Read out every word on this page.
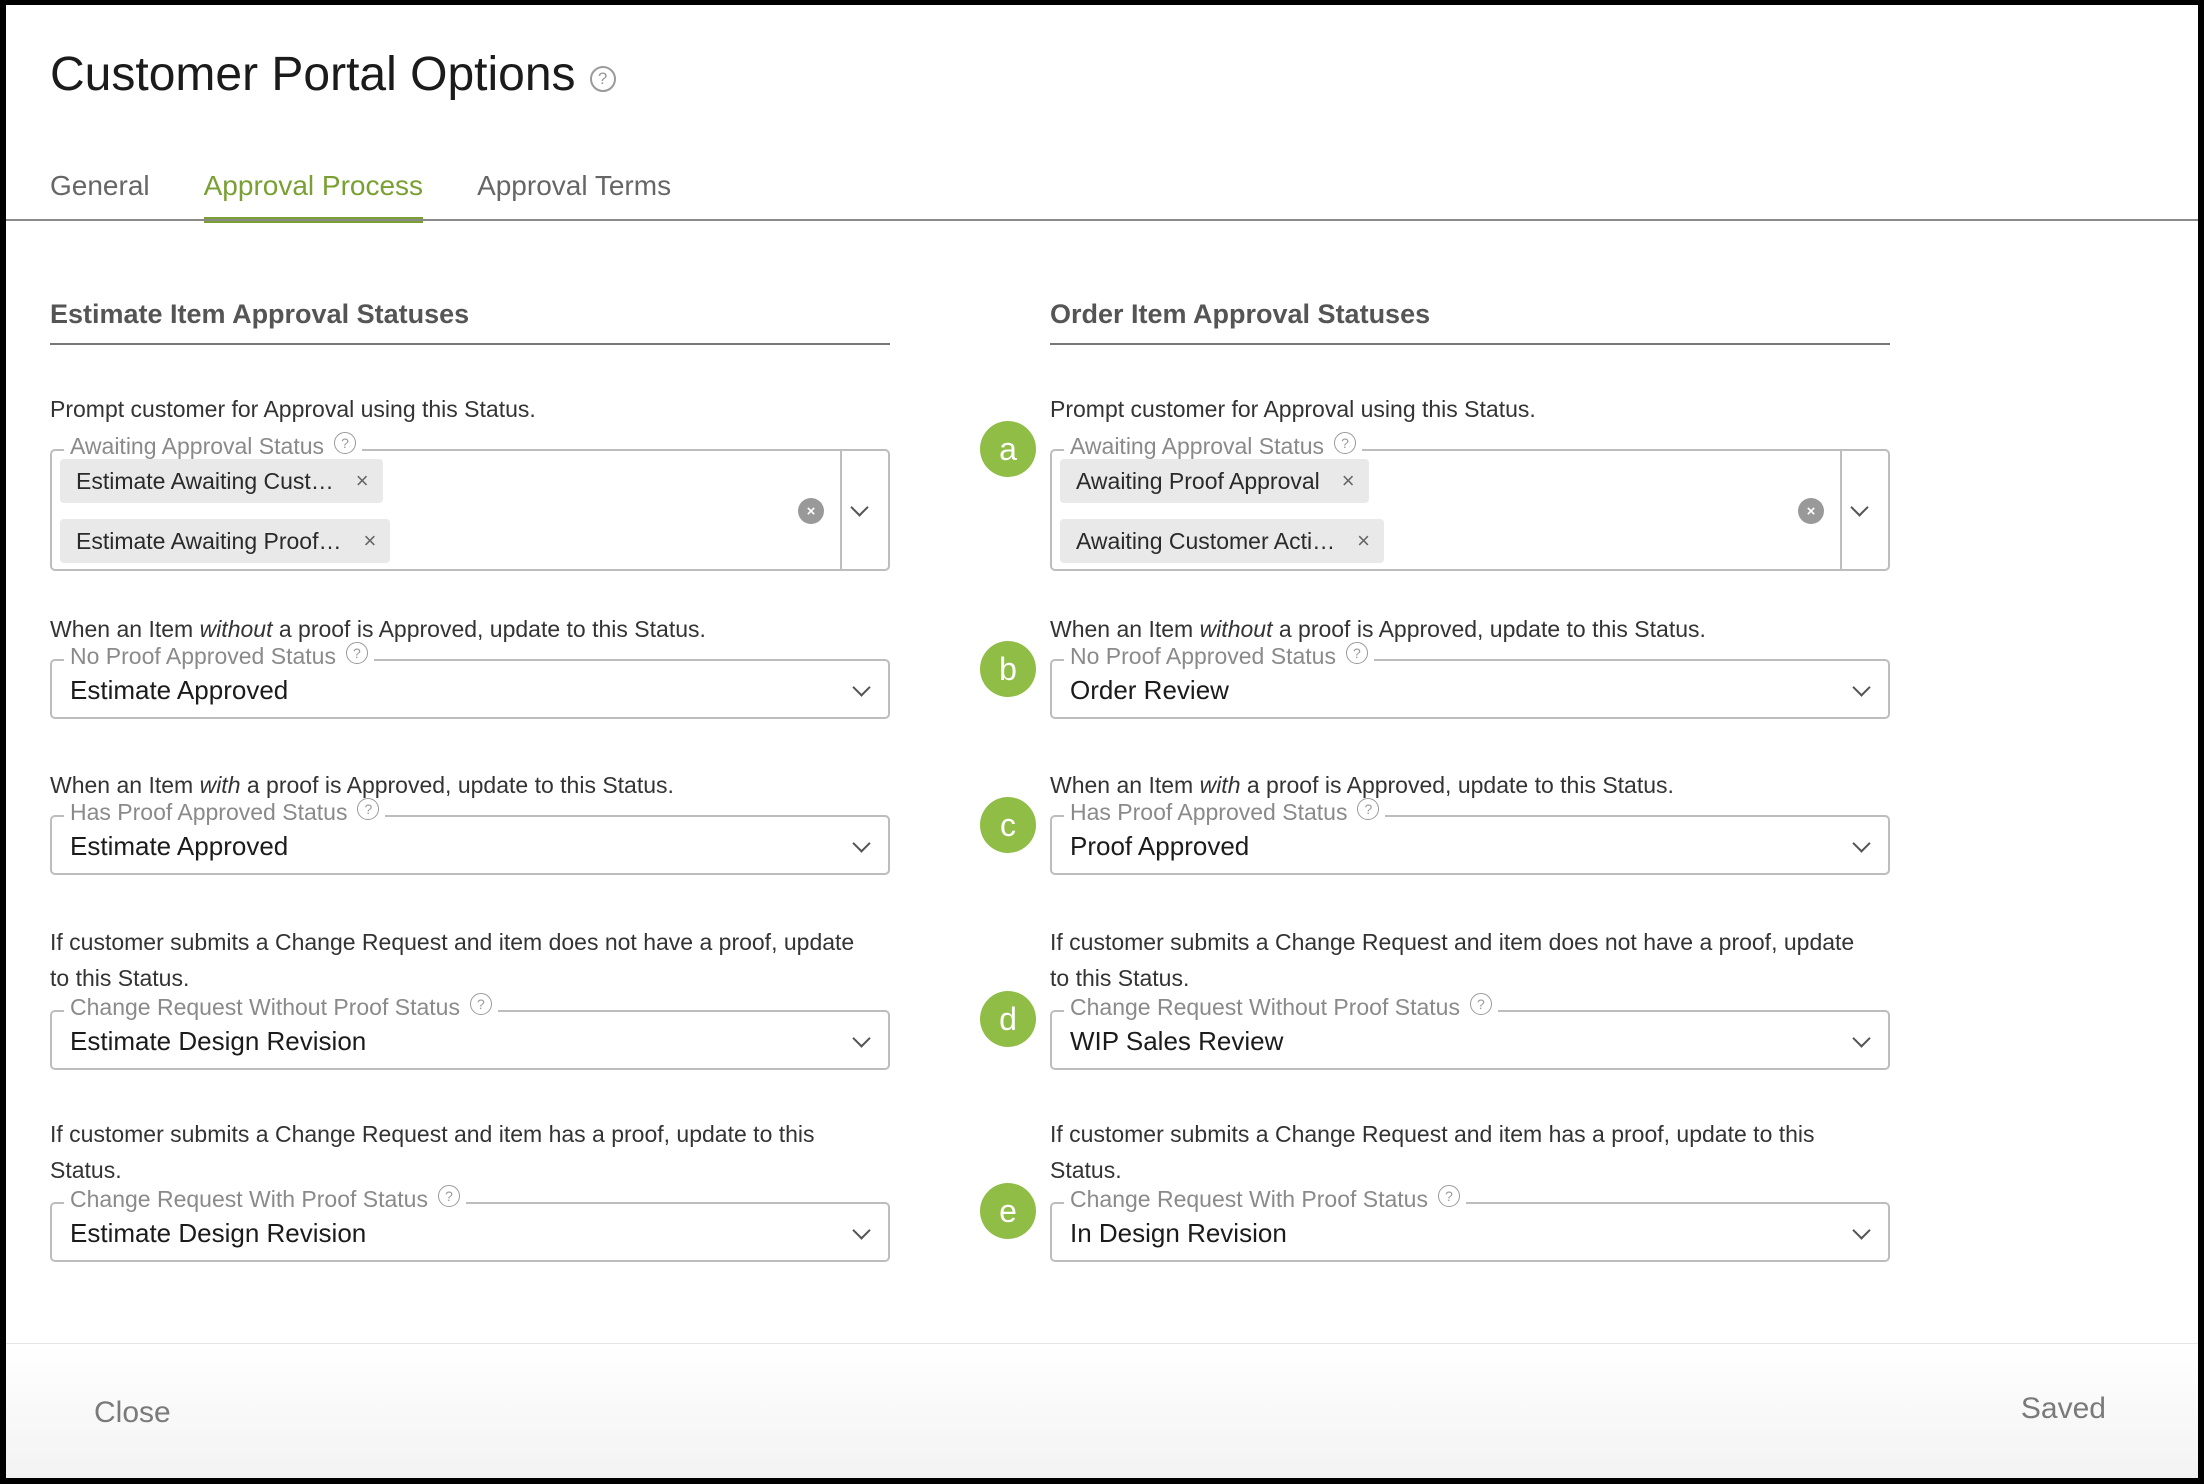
Customer Portal Options	?
General Approval Process Approval Terms
Estimate Item Approval Statuses
Prompt customer for Approval using this Status.
Awaiting Approval Status	?
Estimate Awaiting Cust… ×
Estimate Awaiting Proof… ×
×
When an Item without a proof is Approved, update to this Status.
No Proof Approved Status	?
Estimate Approved
When an Item with a proof is Approved, update to this Status.
Has Proof Approved Status	?
Estimate Approved
If customer submits a Change Request and item does not have a proof, update
to this Status.
Change Request Without Proof Status	?
Estimate Design Revision
If customer submits a Change Request and item has a proof, update to this
Status.
Change Request With Proof Status	?
Estimate Design Revision
Order Item Approval Statuses
Prompt customer for Approval using this Status.
a	Awaiting Approval Status	?
Awaiting Proof Approval ×
Awaiting Customer Acti… ×
×
When an Item without a proof is Approved, update to this Status.
b	No Proof Approved Status	?
Order Review
When an Item with a proof is Approved, update to this Status.
c	Has Proof Approved Status	?
Proof Approved
If customer submits a Change Request and item does not have a proof, update
to this Status.
d	Change Request Without Proof Status	?
WIP Sales Review
If customer submits a Change Request and item has a proof, update to this
Status.
e	Change Request With Proof Status	?
In Design Revision
Close	Saved
